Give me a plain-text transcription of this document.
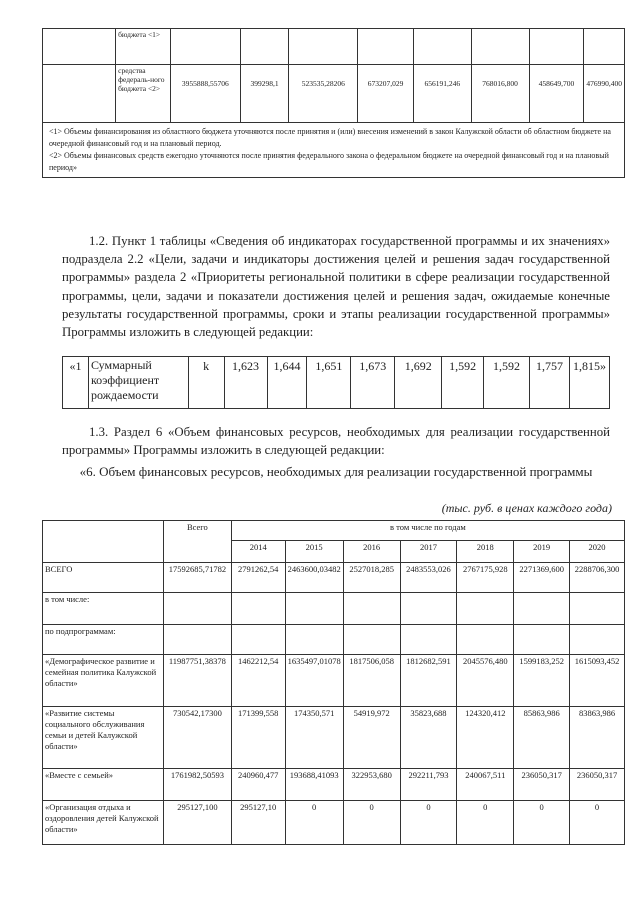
	бюджета <1>								
	средства федераль-ного бюджета <2>	3955888,55706	399298,1	523535,28206	673207,029	656191,246	768016,800	458649,700	476990,400

<1> Объемы финансирования из областного бюджета уточняются после принятия и (или) внесения изменений в закон Калужской области об областном бюджете на очередной финансовый год и на плановый период.
<2> Объемы финансовых средств ежегодно уточняются после принятия федерального закона о федеральном бюджете на очередной финансовый год и на плановый период»									
1.2. Пункт 1 таблицы «Сведения об индикаторах государственной программы и их значениях» подраздела 2.2 «Цели, задачи и индикаторы достижения целей и решения задач государственной программы» раздела 2 «Приоритеты региональной политики в сфере реализации государственной программы, цели, задачи и показатели достижения целей и решения задач, ожидаемые конечные результаты государственной программы, сроки и этапы реализации государственной программы» Программы изложить в следующей редакции:
«1	Суммарный коэффициент рождаемости	k	1,623	1,644	1,651	1,673	1,692	1,592	1,592	1,757	1,815»
1.3. Раздел 6 «Объем финансовых ресурсов, необходимых для реализации государственной программы» Программы изложить в следующей редакции:
«6. Объем финансовых ресурсов, необходимых для реализации государственной программы
(тыс. руб. в ценах каждого года)
	Всего	в том числе по годам						
		2014	2015	2016	2017	2018	2019	2020
ВСЕГО	17592685,71782	2791262,54	2463600,03482	2527018,285	2483553,026	2767175,928	2271369,600	2288706,300
в том числе:								
по подпрограммам:								
«Демографическое развитие и семейная политика Калужской области»	11987751,38378	1462212,54	1635497,01078	1817506,058	1812682,591	2045576,480	1599183,252	1615093,452
«Развитие системы социального обслуживания семьи и детей Калужской области»	730542,17300	171399,558	174350,571	54919,972	35823,688	124320,412	85863,986	83863,986
«Вместе с семьей»	1761982,50593	240960,477	193688,41093	322953,680	292211,793	240067,511	236050,317	236050,317
«Организация отдыха и оздоровления детей Калужской области»	295127,100	295127,10	0	0	0	0	0	0
